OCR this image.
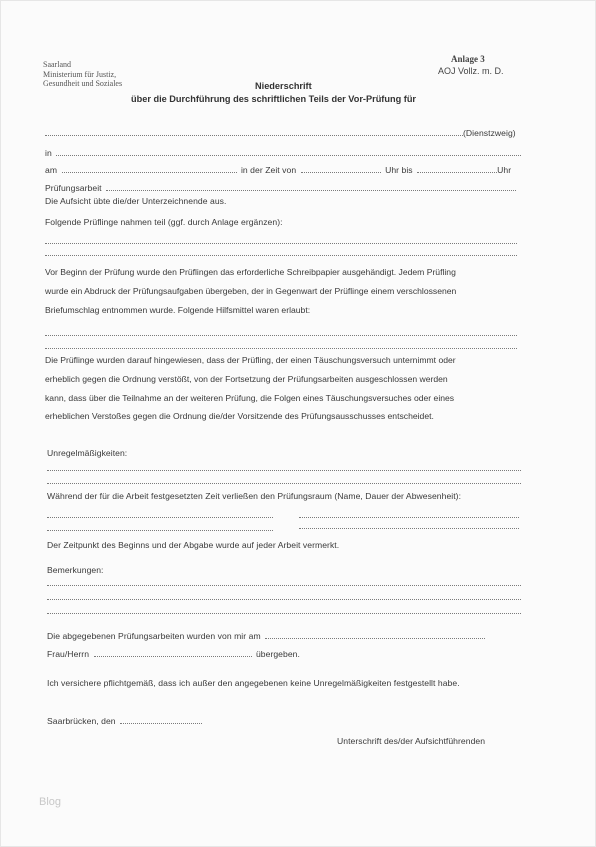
Saarland
Ministerium für Justiz,
Gesundheit und Soziales
Anlage 3
AOJ Vollz. m. D.
Niederschrift
über die Durchführung des schriftlichen Teils der Vor-Prüfung für
(Dienstzweig)
in
am	in der Zeit von	Uhr bis	Uhr
Prüfungsarbeit
Die Aufsicht übte die/der Unterzeichnende aus.
Folgende Prüflinge nahmen teil (ggf. durch Anlage ergänzen):
Vor Beginn der Prüfung wurde den Prüflingen das erforderliche Schreibpapier ausgehändigt. Jedem Prüfling
wurde ein Abdruck der Prüfungsaufgaben übergeben, der in Gegenwart der Prüflinge einem verschlossenen
Briefumschlag entnommen wurde. Folgende Hilfsmittel waren erlaubt:
Die Prüflinge wurden darauf hingewiesen, dass der Prüfling, der einen Täuschungsversuch unternimmt oder
erheblich gegen die Ordnung verstößt, von der Fortsetzung der Prüfungsarbeiten ausgeschlossen werden
kann, dass über die Teilnahme an der weiteren Prüfung, die Folgen eines Täuschungsversuches oder eines
erheblichen Verstoßes gegen die Ordnung die/der Vorsitzende des Prüfungsausschusses entscheidet.
Unregelmäßigkeiten:
Während der für die Arbeit festgesetzten Zeit verließen den Prüfungsraum (Name, Dauer der Abwesenheit):
Der Zeitpunkt des Beginns und der Abgabe wurde auf jeder Arbeit vermerkt.
Bemerkungen:
Die abgegebenen Prüfungsarbeiten wurden von mir am
Frau/Herrn	übergeben.
Ich versichere pflichtgemäß, dass ich außer den angegebenen keine Unregelmäßigkeiten festgestellt habe.
Saarbrücken, den
Unterschrift des/der Aufsichtführenden
Blog
